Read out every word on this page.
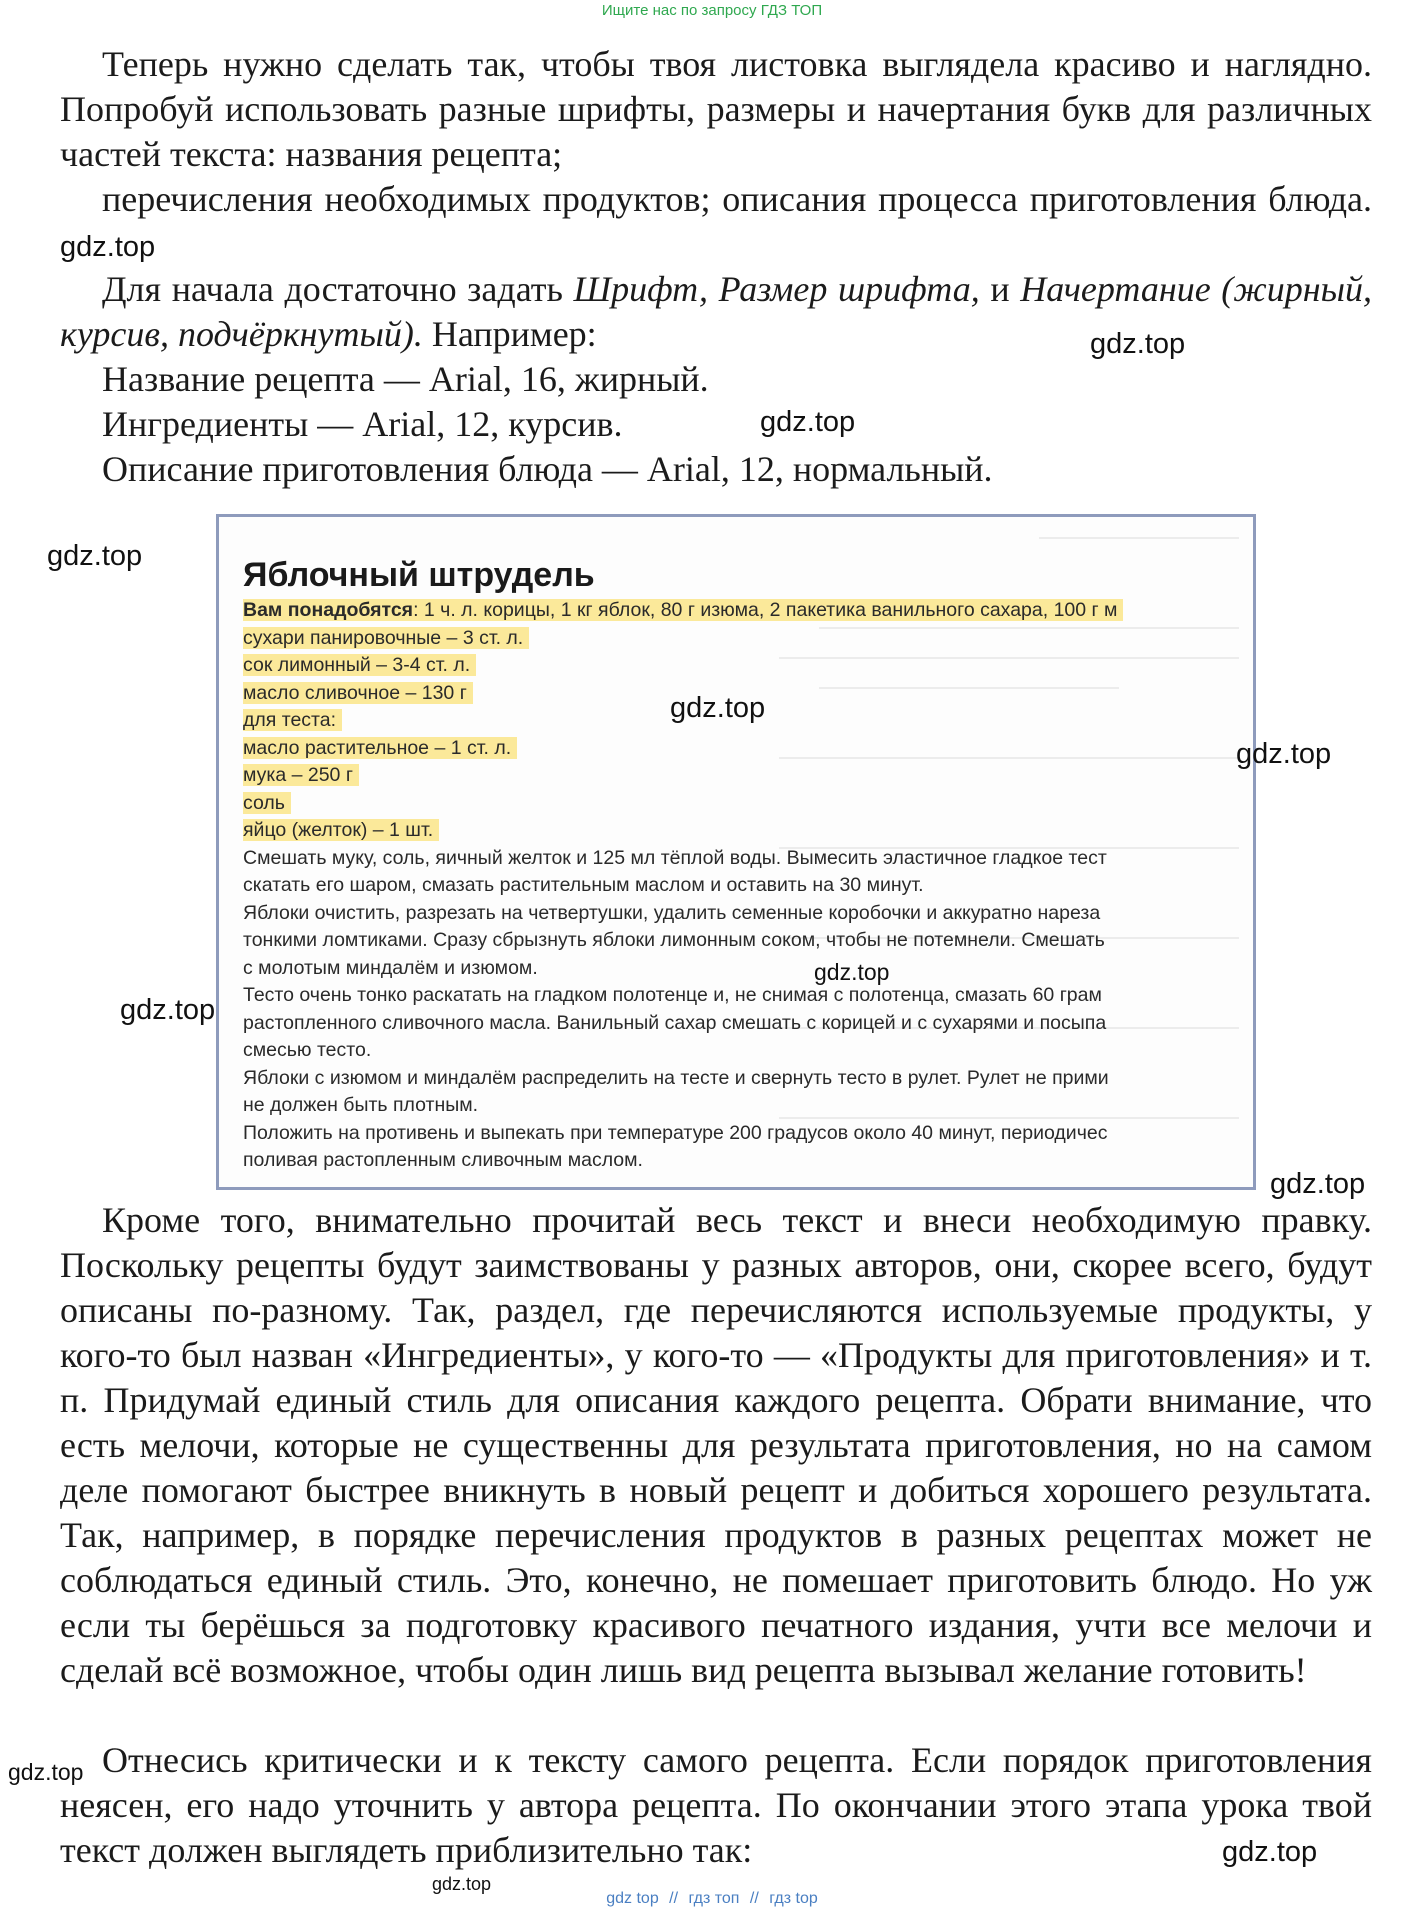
Ищите нас по запросу ГДЗ ТОП

Теперь нужно сделать так, чтобы твоя листовка выглядела красиво и наглядно. Попробуй использовать разные шрифты, размеры и начертания букв для различных частей текста: названия рецепта;

перечисления необходимых продуктов; описания процесса приготовления блюда. gdz.top

Для начала достаточно задать Шрифт, Размер шрифта, и Начертание (жирный, курсив, подчёркнутый). Например:

Название рецепта — Arial, 16, жирный.

Ингредиенты — Arial, 12, курсив.

Описание приготовления блюда — Arial, 12, нормальный.

Яблочный штрудель
Вам понадобятся: 1 ч. л. корицы, 1 кг яблок, 80 г изюма, 2 пакетика ванильного сахара, 100 г м
сухари панировочные – 3 ст. л.
сок лимонный – 3-4 ст. л.
масло сливочное – 130 г
для теста:
масло растительное – 1 ст. л.
мука – 250 г
соль
яйцо (желток) – 1 шт.
Смешать муку, соль, яичный желток и 125 мл тёплой воды. Вымесить эластичное гладкое тест
скатать его шаром, смазать растительным маслом и оставить на 30 минут.
Яблоки очистить, разрезать на четвертушки, удалить семенные коробочки и аккуратно нареза
тонкими ломтиками. Сразу сбрызнуть яблоки лимонным соком, чтобы не потемнели. Смешать
с молотым миндалём и изюмом.
Тесто очень тонко раскатать на гладком полотенце и, не снимая с полотенца, смазать 60 грам
растопленного сливочного масла. Ванильный сахар смешать с корицей и с сухарями и посыпа
смесью тесто.
Яблоки с изюмом и миндалём распределить на тесте и свернуть тесто в рулет. Рулет не прими
не должен быть плотным.
Положить на противень и выпекать при температуре 200 градусов около 40 минут, периодичес
поливая растопленным сливочным маслом.

Кроме того, внимательно прочитай весь текст и внеси необходимую правку. Поскольку рецепты будут заимствованы у разных авторов, они, скорее всего, будут описаны по-разному. Так, раздел, где перечисляются используемые продукты, у кого-то был назван «Ингредиенты», у кого-то — «Продукты для приготовления» и т. п. Придумай единый стиль для описания каждого рецепта. Обрати внимание, что есть мелочи, которые не существенны для результата приготовления, но на самом деле помогают быстрее вникнуть в новый рецепт и добиться хорошего результата. Так, например, в порядке перечисления продуктов в разных рецептах может не соблюдаться единый стиль. Это, конечно, не помешает приготовить блюдо. Но уж если ты берёшься за подготовку красивого печатного издания, учти все мелочи и сделай всё возможное, чтобы один лишь вид рецепта вызывал желание готовить!

Отнесись критически и к тексту самого рецепта. Если порядок приготовления неясен, его надо уточнить у автора рецепта. По окончании этого этапа урока твой текст должен выглядеть приблизительно так:

gdz.top
gdz.top
gdz.top
gdz.top
gdz.top
gdz.top
gdz.top
gdz.top
gdz.top
gdz.top
gdz.top
gdz top // гдз топ // гдз top
